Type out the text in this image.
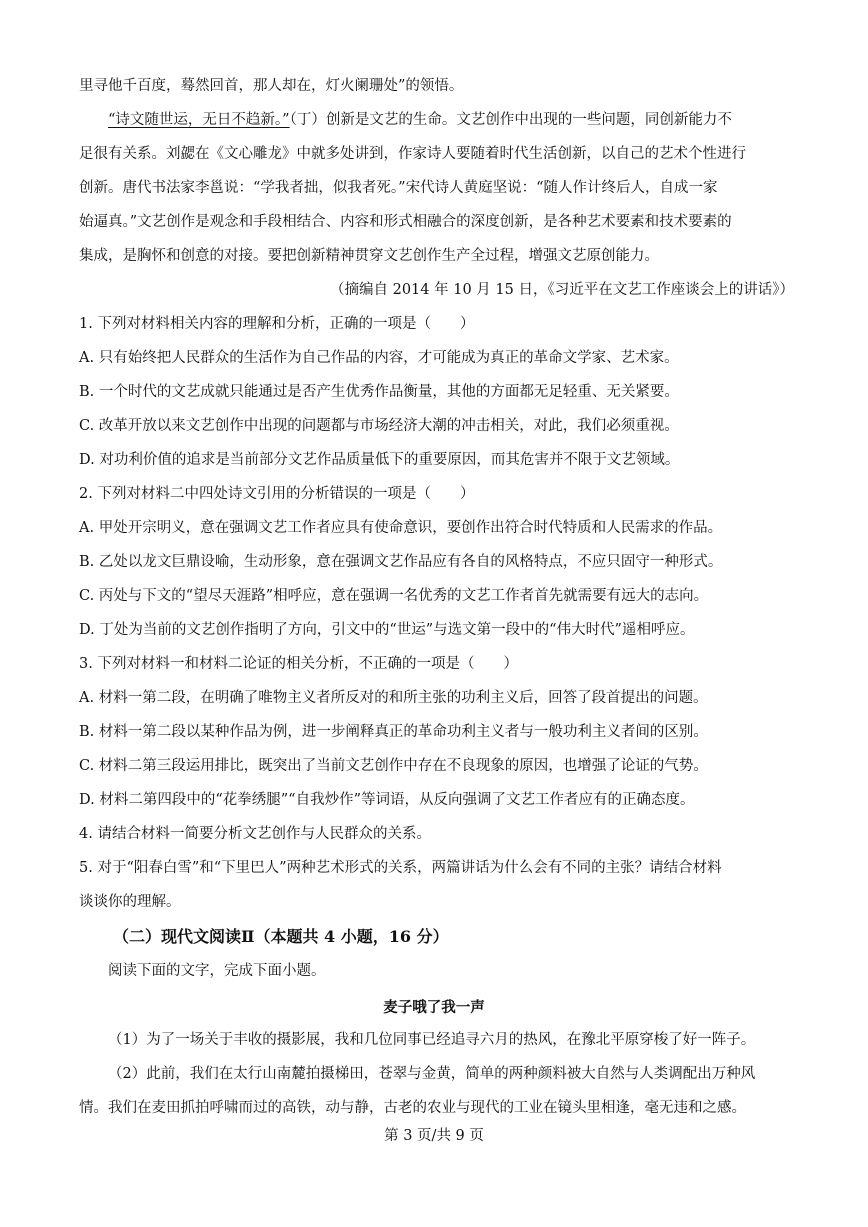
里寻他千百度，蓦然回首，那人却在，灯火阑珊处”的领悟。
“诗文随世运，无日不趋新。”（丁）创新是文艺的生命。文艺创作中出现的一些问题，同创新能力不
足很有关系。刘勰在《文心雕龙》中就多处讲到，作家诗人要随着时代生活创新，以自己的艺术个性进行
创新。唐代书法家李邕说：“学我者拙，似我者死。”宋代诗人黄庭坚说：“随人作计终后人，自成一家
始逼真。”文艺创作是观念和手段相结合、内容和形式相融合的深度创新，是各种艺术要素和技术要素的
集成，是胸怀和创意的对接。要把创新精神贯穿文艺创作生产全过程，增强文艺原创能力。
（摘编自 2014 年 10 月 15 日，《习近平在文艺工作座谈会上的讲话》）
1. 下列对材料相关内容的理解和分析，正确的一项是（　　）
A. 只有始终把人民群众的生活作为自己作品的内容，才可能成为真正的革命文学家、艺术家。
B. 一个时代的文艺成就只能通过是否产生优秀作品衡量，其他的方面都无足轻重、无关紧要。
C. 改革开放以来文艺创作中出现的问题都与市场经济大潮的冲击相关，对此，我们必须重视。
D. 对功利价值的追求是当前部分文艺作品质量低下的重要原因，而其危害并不限于文艺领域。
2. 下列对材料二中四处诗文引用的分析错误的一项是（　　）
A. 甲处开宗明义，意在强调文艺工作者应具有使命意识，要创作出符合时代特质和人民需求的作品。
B. 乙处以龙文巨鼎设喻，生动形象，意在强调文艺作品应有各自的风格特点，不应只固守一种形式。
C. 丙处与下文的“望尽天涯路”相呼应，意在强调一名优秀的文艺工作者首先就需要有远大的志向。
D. 丁处为当前的文艺创作指明了方向，引文中的“世运”与选文第一段中的“伟大时代”遥相呼应。
3. 下列对材料一和材料二论证的相关分析，不正确的一项是（　　）
A. 材料一第二段，在明确了唯物主义者所反对的和所主张的功利主义后，回答了段首提出的问题。
B. 材料一第二段以某种作品为例，进一步阐释真正的革命功利主义者与一般功利主义者间的区别。
C. 材料二第三段运用排比，既突出了当前文艺创作中存在不良现象的原因，也增强了论证的气势。
D. 材料二第四段中的“花拳绣腿”“自我炒作”等词语，从反向强调了文艺工作者应有的正确态度。
4. 请结合材料一简要分析文艺创作与人民群众的关系。
5. 对于“阳春白雪”和“下里巴人”两种艺术形式的关系，两篇讲话为什么会有不同的主张？请结合材料
谈谈你的理解。
（二）现代文阅读Ⅱ（本题共 4 小题，16 分）
阅读下面的文字，完成下面小题。
麦子哦了我一声
（1）为了一场关于丰收的摄影展，我和几位同事已经追寻六月的热风，在豫北平原穿梭了好一阵子。
（2）此前，我们在太行山南麓拍摄梯田，苍翠与金黄，简单的两种颜料被大自然与人类调配出万种风
情。我们在麦田抓拍呼啸而过的高铁，动与静，古老的农业与现代的工业在镜头里相逢，毫无违和之感。
第 3 页/共 9 页
